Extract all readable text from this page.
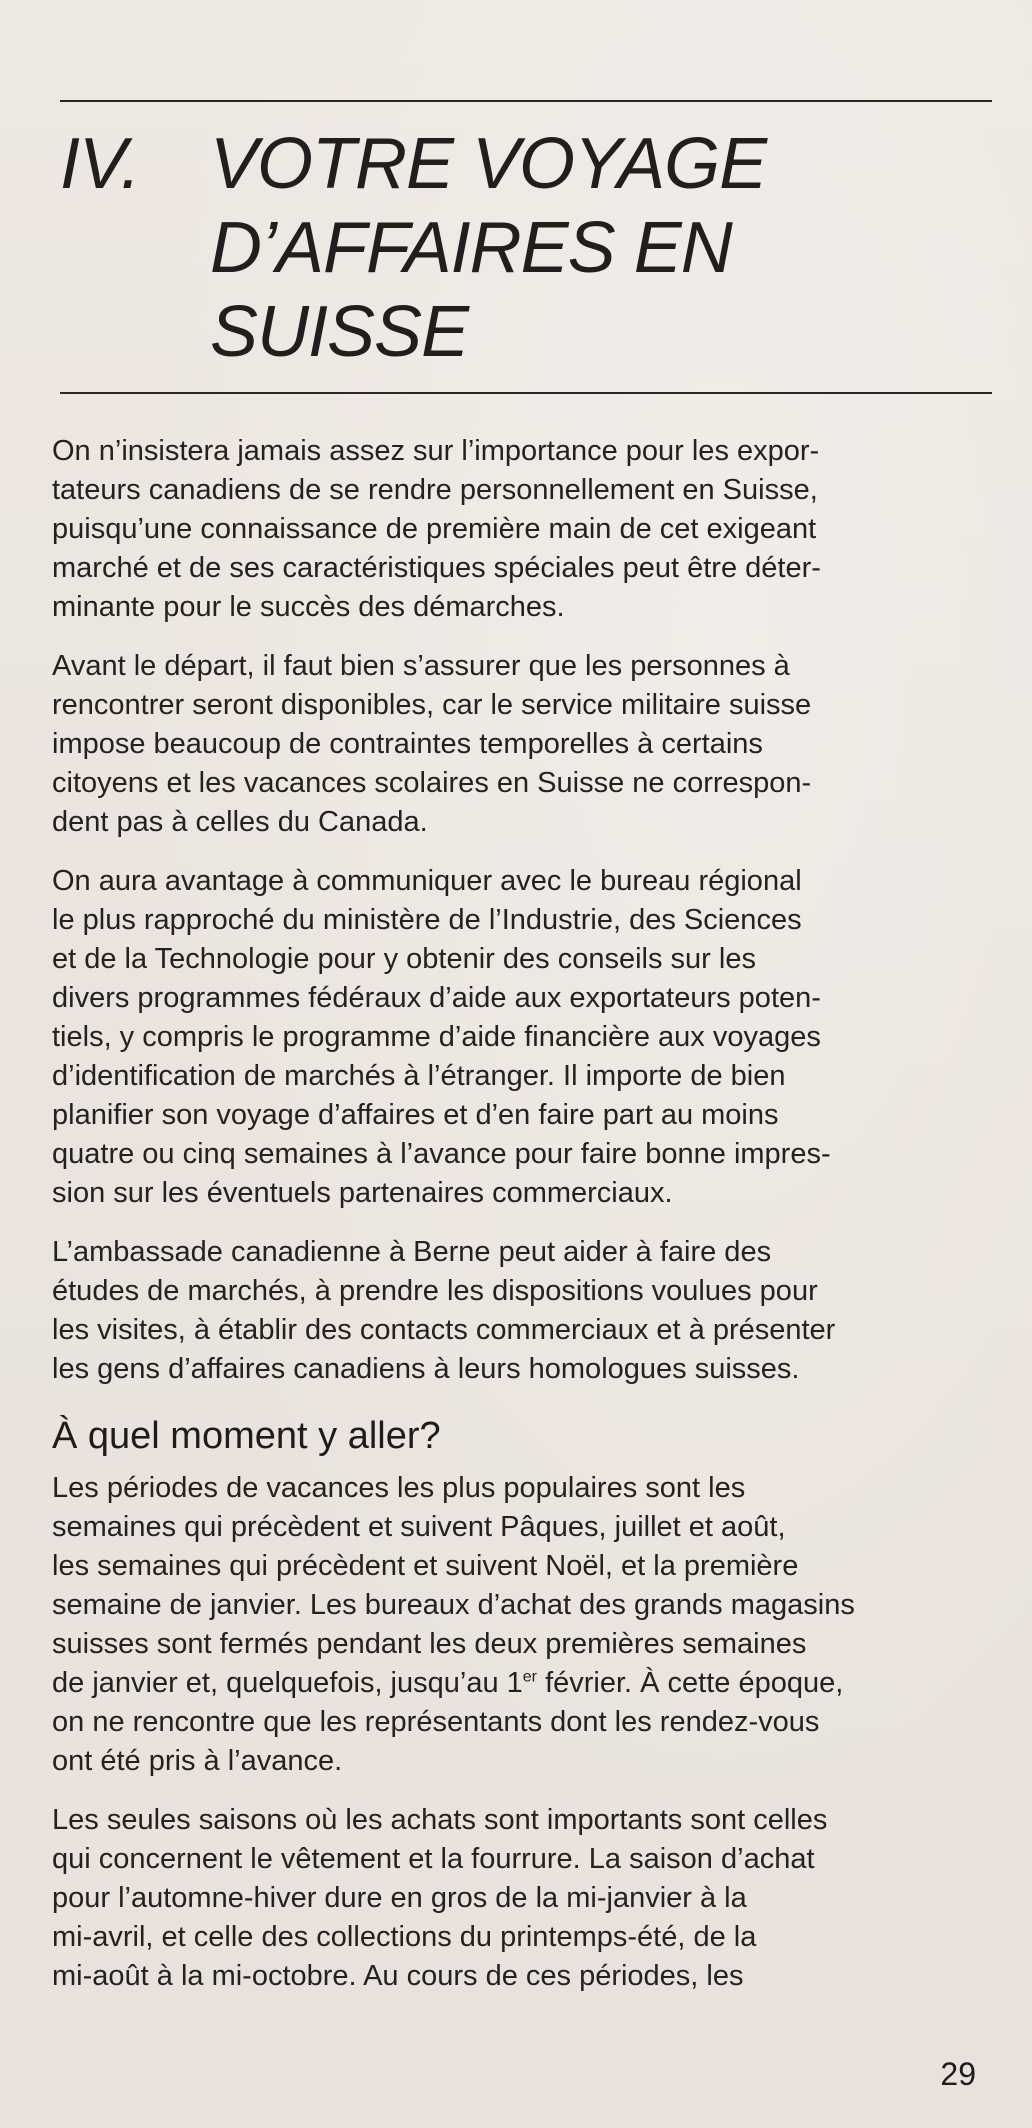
IV. VOTRE VOYAGE
D’AFFAIRES EN
SUISSE

On n’insistera jamais assez sur l’importance pour les expor-
tateurs canadiens de se rendre personnellement en Suisse,
puisqu’une connaissance de première main de cet exigeant
marché et de ses caractéristiques spéciales peut être déter-
minante pour le succès des démarches.

Avant le départ, il faut bien s’assurer que les personnes à
rencontrer seront disponibles, car le service militaire suisse
impose beaucoup de contraintes temporelles à certains
citoyens et les vacances scolaires en Suisse ne correspon-
dent pas à celles du Canada.

On aura avantage à communiquer avec le bureau régional
le plus rapproché du ministère de l’Industrie, des Sciences
et de la Technologie pour y obtenir des conseils sur les
divers programmes fédéraux d’aide aux exportateurs poten-
tiels, y compris le programme d’aide financière aux voyages
d’identification de marchés à l’étranger. Il importe de bien
planifier son voyage d’affaires et d’en faire part au moins
quatre ou cinq semaines à l’avance pour faire bonne impres-
sion sur les éventuels partenaires commerciaux.

L’ambassade canadienne à Berne peut aider à faire des
études de marchés, à prendre les dispositions voulues pour
les visites, à établir des contacts commerciaux et à présenter
les gens d’affaires canadiens à leurs homologues suisses.

À quel moment y aller?

Les périodes de vacances les plus populaires sont les
semaines qui précèdent et suivent Pâques, juillet et août,
les semaines qui précèdent et suivent Noël, et la première
semaine de janvier. Les bureaux d’achat des grands magasins
suisses sont fermés pendant les deux premières semaines
de janvier et, quelquefois, jusqu’au 1er février. À cette époque,
on ne rencontre que les représentants dont les rendez-vous
ont été pris à l’avance.

Les seules saisons où les achats sont importants sont celles
qui concernent le vêtement et la fourrure. La saison d’achat
pour l’automne-hiver dure en gros de la mi-janvier à la
mi-avril, et celle des collections du printemps-été, de la
mi-août à la mi-octobre. Au cours de ces périodes, les

29
